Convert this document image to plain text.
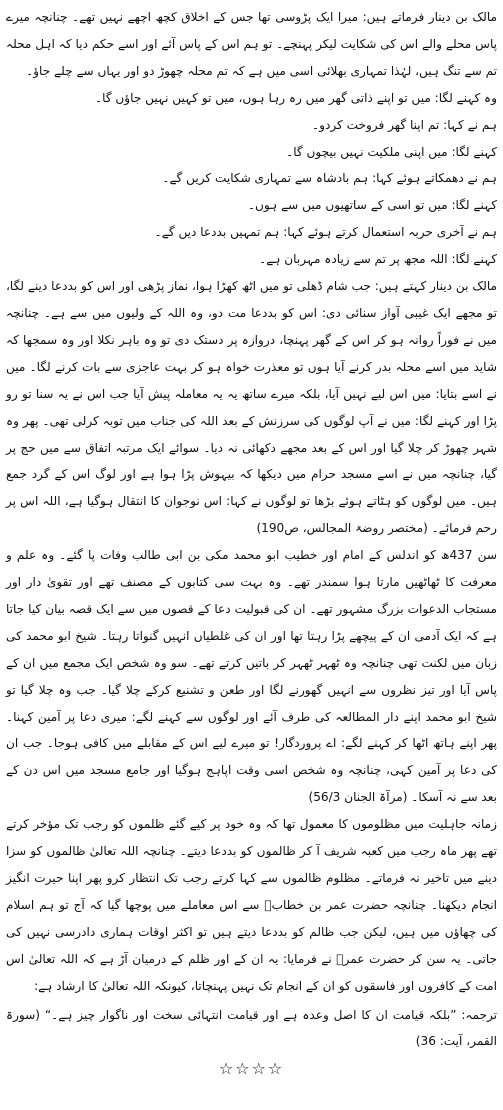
مالک بن دینار فرماتے ہیں: میرا ایک پڑوسی تھا جس کے اخلاق کچھ اچھے نہیں تھے۔ چنانچہ میرے پاس محلے والے اس کی شکایت لیکر پہنچے۔ تو ہم اس کے پاس آئے اور اسے حکم دیا کہ اہل محلہ تم سے تنگ ہیں، لہٰذا تمہاری بھلائی اسی میں ہے کہ تم محلہ چھوڑ دو اور یہاں سے چلے جاؤ۔

وہ کہنے لگا: میں تو اپنے ذاتی گھر میں رہ رہا ہوں، میں تو کہیں نہیں جاؤں گا۔

ہم نے کہا: تم اپنا گھر فروخت کردو۔

کہنے لگا: میں اپنی ملکیت نہیں بیچوں گا۔

ہم نے دھمکاتے ہوئے کہا: ہم بادشاہ سے تمہاری شکایت کریں گے۔

کہنے لگا: میں تو اسی کے ساتھیوں میں سے ہوں۔

ہم نے آخری حربہ استعمال کرتے ہوئے کہا: ہم تمہیں بددعا دیں گے۔

کہنے لگا: اللہ مجھ پر تم سے زیادہ مہربان ہے۔

مالک بن دینار کہتے ہیں: جب شام ڈھلی تو میں اٹھ کھڑا ہوا، نماز پڑھی اور اس کو بددعا دینے لگا، تو مجھے ایک غیبی آواز سنائی دی: اس کو بددعا مت دو، وہ اللہ کے ولیوں میں سے ہے۔ چنانچہ میں نے فوراً روانہ ہو کر اس کے گھر پہنچا، دروازہ پر دستک دی تو وہ باہر نکلا اور وہ سمجھا کہ شاید میں اسے محلہ بدر کرنے آیا ہوں تو معذرت خواہ ہو کر بہت عاجزی سے بات کرنے لگا۔ میں نے اسے بتایا: میں اس لیے نہیں آیا، بلکہ میرے ساتھ یہ یہ معاملہ پیش آیا جب اس نے یہ سنا تو رو پڑا اور کہنے لگا: میں نے آپ لوگوں کی سرزنش کے بعد اللہ کی جناب میں توبہ کرلی تھی۔ پھر وہ شہر چھوڑ کر چلا گیا اور اس کے بعد مجھے دکھائی نہ دیا۔ سوائے ایک مرتبہ اتفاق سے میں حج پر گیا، چنانچہ میں نے اسے مسجد حرام میں دیکھا کہ بیہوش پڑا ہوا ہے اور لوگ اس کے گرد جمع ہیں۔ میں لوگوں کو ہٹاتے ہوئے بڑھا تو لوگوں نے کہا: اس نوجوان کا انتقال ہوگیا ہے، اللہ اس پر رحم فرمائے۔ (مختصر روضۃ المجالس، ص190)

سن 437ھ کو اندلس کے امام اور خطیب ابو محمد مکی بن ابی طالب وفات پا گئے۔ وہ علم و معرفت کا ٹھاٹھیں مارتا ہوا سمندر تھے۔ وہ بہت سی کتابوں کے مصنف تھے اور تقویٰ دار اور مستجاب الدعوات بزرگ مشہور تھے۔ ان کی قبولیت دعا کے قصوں میں سے ایک قصہ بیان کیا جاتا ہے کہ ایک آدمی ان کے پیچھے پڑا رہتا تھا اور ان کی غلطیاں انہیں گنواتا رہتا۔ شیخ ابو محمد کی زبان میں لکنت تھی چنانچہ وہ ٹھہر ٹھہر کر باتیں کرتے تھے۔ سو وہ شخص ایک مجمع میں ان کے پاس آیا اور تیز نظروں سے انہیں گھورنے لگا اور طعن و تشنیع کرکے چلا گیا۔ جب وہ چلا گیا تو شیخ ابو محمد اپنے دار المطالعہ کی طرف آئے اور لوگوں سے کہنے لگے: میری دعا پر آمین کہنا۔ پھر اپنے ہاتھ اٹھا کر کہنے لگے: اے پروردگار! تو میرے لیے اس کے مقابلے میں کافی ہوجا۔ جب ان کی دعا پر آمین کہی، چنانچہ وہ شخص اسی وقت اپاہج ہوگیا اور جامع مسجد میں اس دن کے بعد سے نہ آسکا۔ (مرآۃ الجنان 56/3)

زمانہ جاہلیت میں مظلوموں کا معمول تھا کہ وہ خود پر کیے گئے ظلموں کو رجب تک مؤخر کرتے تھے پھر ماہ رجب میں کعبہ شریف آ کر ظالموں کو بددعا دیتے۔ چنانچہ اللہ تعالیٰ ظالموں کو سزا دینے میں تاخیر نہ فرماتے۔ مظلوم ظالموں سے کہا کرتے رجب تک انتظار کرو پھر اپنا حیرت انگیز انجام دیکھنا۔ چنانچہ حضرت عمر بن خطابؓ سے اس معاملے میں پوچھا گیا کہ آج تو ہم اسلام کی چھاؤں میں ہیں، لیکن جب ظالم کو بددعا دیتے ہیں تو اکثر اوقات ہماری دادرسی نہیں کی جاتی۔ یہ سن کر حضرت عمرؓ نے فرمایا: یہ ان کے اور ظلم کے درمیان آڑ ہے کہ اللہ تعالیٰ اس امت کے کافروں اور فاسقوں کو ان کے انجام تک نہیں پہنچاتا، کیونکہ اللہ تعالیٰ کا ارشاد ہے:

ترجمہ: ”بلکہ قیامت ان کا اصل وعدہ ہے اور قیامت انتہائی سخت اور ناگوار چیز ہے۔“ (سورۃ القمر، آیت: 36)

☆☆☆☆
